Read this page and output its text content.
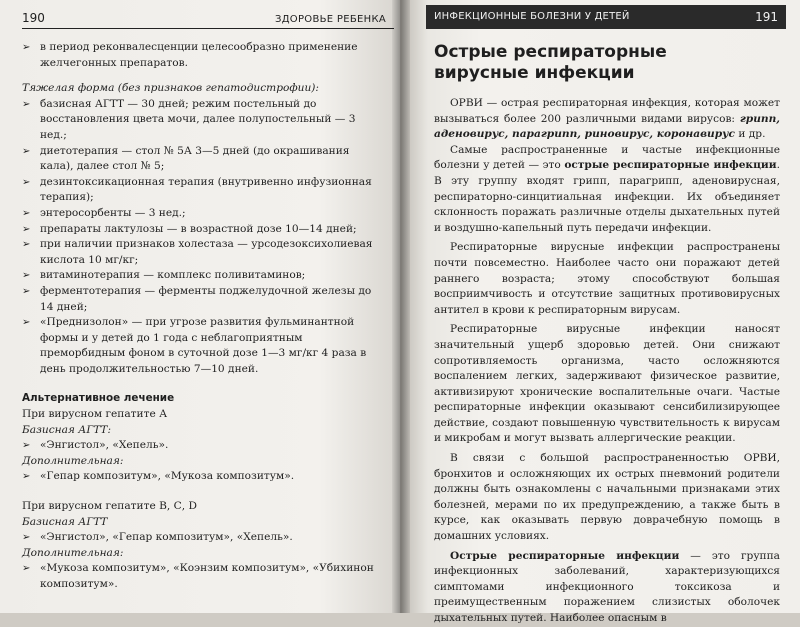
190	ЗДОРОВЬЕ РЕБЕНКА

➢ в период реконвалесценции целесообразно применение желчегонных препаратов.

Тяжелая форма (без признаков гепатодистрофии):

➢ базисная АГТТ — 30 дней; режим постельный до восстановления цвета мочи, далее полупостельный — 3 нед.;

➢ диетотерапия — стол № 5А 3—5 дней (до окрашивания кала), далее стол № 5;

➢ дезинтоксикационная терапия (внутривенно инфузионная терапия);

➢ энтеросорбенты — 3 нед.;

➢ препараты лактулозы — в возрастной дозе 10—14 дней;

➢ при наличии признаков холестаза — урсодезоксихолиевая кислота 10 мг/кг;

➢ витаминотерапия — комплекс поливитаминов;

➢ ферментотерапия — ферменты поджелудочной железы до 14 дней;

➢ «Преднизолон» — при угрозе развития фульминантной формы и у детей до 1 года с неблагоприятным преморбидным фоном в суточной дозе 1—3 мг/кг 4 раза в день продолжительностью 7—10 дней.

Альтернативное лечение

При вирусном гепатите А

Базисная АГТТ:

➢ «Энгистол», «Хепель».

Дополнительная:

➢ «Гепар композитум», «Мукоза композитум».

При вирусном гепатите В, С, D

Базисная АГТТ

➢ «Энгистол», «Гепар композитум», «Хепель».

Дополнительная:

➢ «Мукоза композитум», «Коэнзим композитум», «Убихинон композитум».

ИНФЕКЦИОННЫЕ БОЛЕЗНИ У ДЕТЕЙ	191
Острые респираторные
вирусные инфекции

ОРВИ — острая респираторная инфекция, которая может вызываться более 200 различными видами вирусов: грипп, аденовирус, парагрипп, риновирус, коронавирус и др.

Самые распространенные и частые инфекционные болезни у детей — это острые респираторные инфекции. В эту группу входят грипп, парагрипп, аденовирусная, респираторно-синцитиальная инфекции. Их объединяет склонность поражать различные отделы дыхательных путей и воздушно-капельный путь передачи инфекции.

Респираторные вирусные инфекции распространены почти повсеместно. Наиболее часто они поражают детей раннего возраста; этому способствуют большая восприимчивость и отсутствие защитных противовирусных антител в крови к респираторным вирусам.

Респираторные вирусные инфекции наносят значительный ущерб здоровью детей. Они снижают сопротивляемость организма, часто осложняются воспалением легких, задерживают физическое развитие, активизируют хронические воспалительные очаги. Частые респираторные инфекции оказывают сенсибилизирующее действие, создают повышенную чувствительность к вирусам и микробам и могут вызвать аллергические реакции.

В связи с большой распространенностью ОРВИ, бронхитов и осложняющих их острых пневмоний родители должны быть ознакомлены с начальными признаками этих болезней, мерами по их предупреждению, а также быть в курсе, как оказывать первую доврачебную помощь в домашних условиях.

Острые респираторные инфекции — это группа инфекционных заболеваний, характеризующихся симптомами инфекционного токсикоза и преимущественным поражением слизистых оболочек дыхательных путей. Наиболее опасным в
